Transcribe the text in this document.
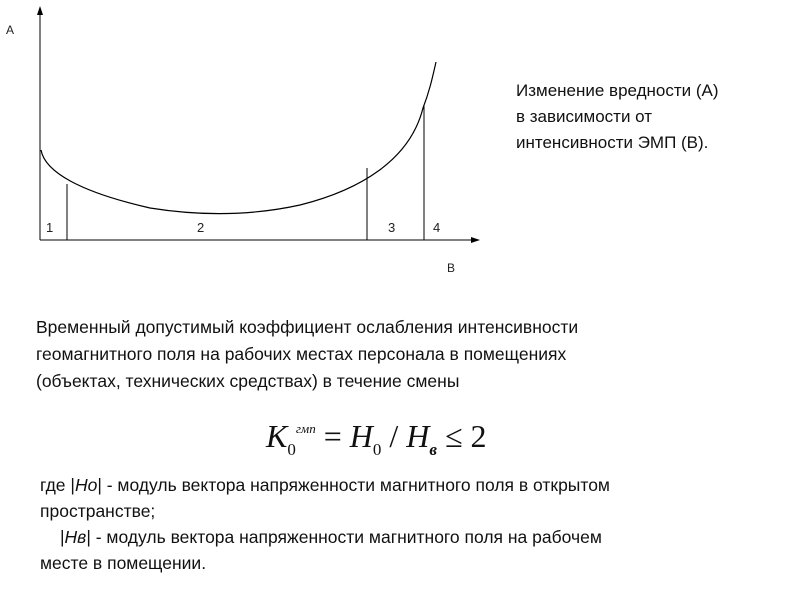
A
B
1	2	3	4
Изменение вредности (А)
в зависимости от
интенсивности ЭМП (В).
Временный допустимый коэффициент ослабления интенсивности
геомагнитного поля на рабочих местах персонала в помещениях
(объектах, технических средствах) в течение смены
$K_0^{гмп} = H_0 / H_в \le 2$
где |Но| - модуль вектора напряженности магнитного поля в открытом
пространстве;
|Нв| - модуль вектора напряженности магнитного поля на рабочем
месте в помещении.
